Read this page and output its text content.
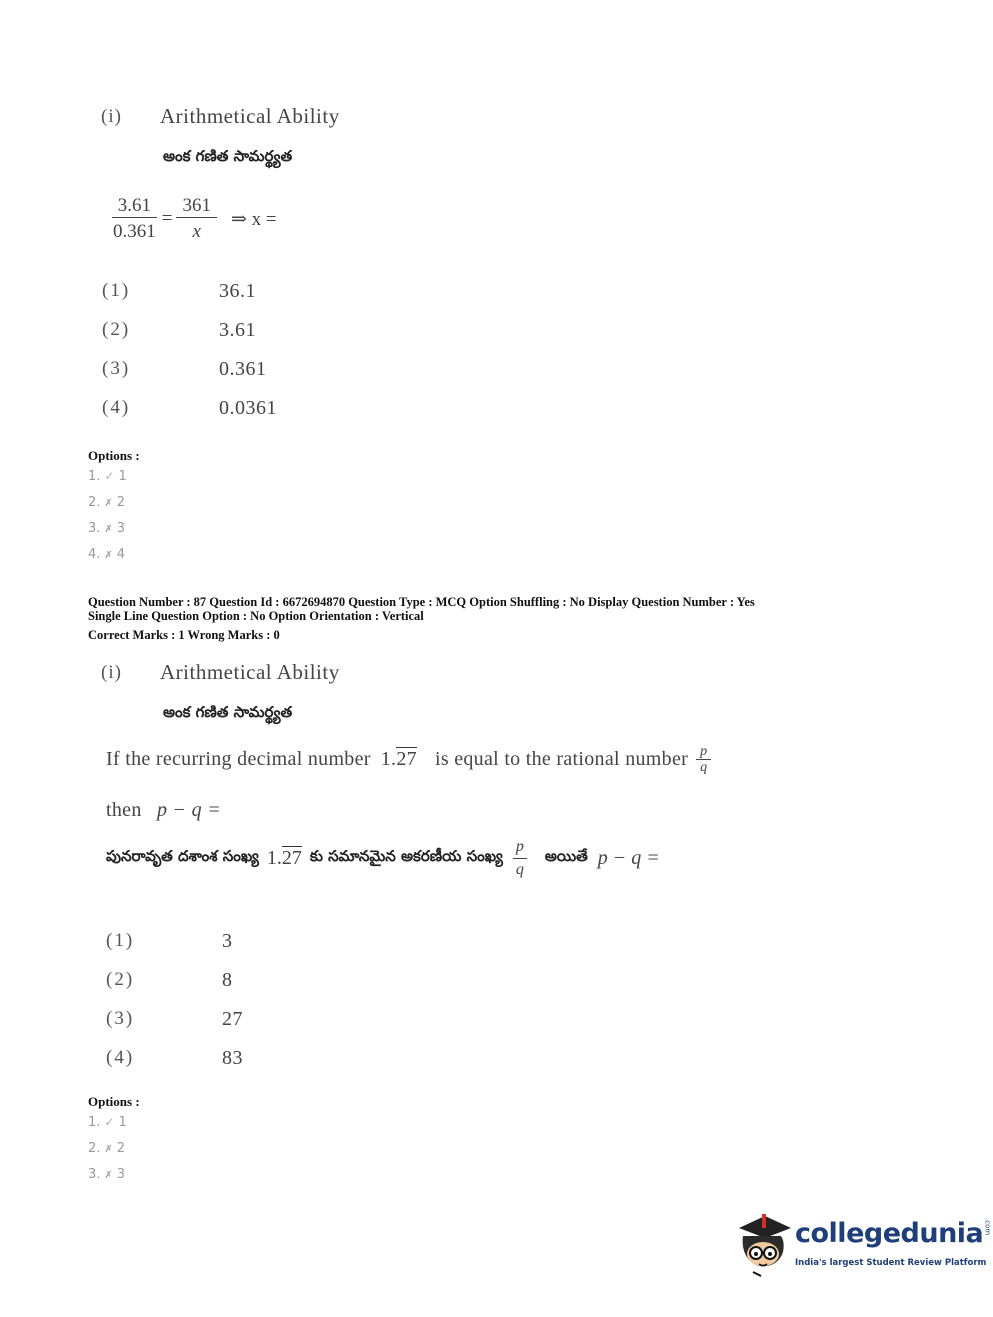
(i) Arithmetical Ability
అంక గణిత సామర్థ్యత
$\frac{3.61}{0.361} = \frac{361}{x}$ ⇒ x =
(1)	36.1
(2)	3.61
(3)	0.361
(4)	0.0361
Options :
1. ✓ 1
2. ✗ 2
3. ✗ 3
4. ✗ 4
Question Number : 87 Question Id : 6672694870 Question Type : MCQ Option Shuffling : No Display Question Number : Yes
Single Line Question Option : No Option Orientation : Vertical
Correct Marks : 1 Wrong Marks : 0
(i) Arithmetical Ability
అంక గణిత సామర్థ్యత
If the recurring decimal number 1.27 is equal to the rational number $\frac{p}{q}$
then p − q =
పునరావృత దశాంశ సంఖ్య 1.27 కు సమానమైన అకరణీయ సంఖ్య $\frac{p}{q}$ అయితే p − q =
(1)	3
(2)	8
(3)	27
(4)	83
Options :
1. ✓ 1
2. ✗ 2
3. ✗ 3
collegedunia.com
India's largest Student Review Platform
